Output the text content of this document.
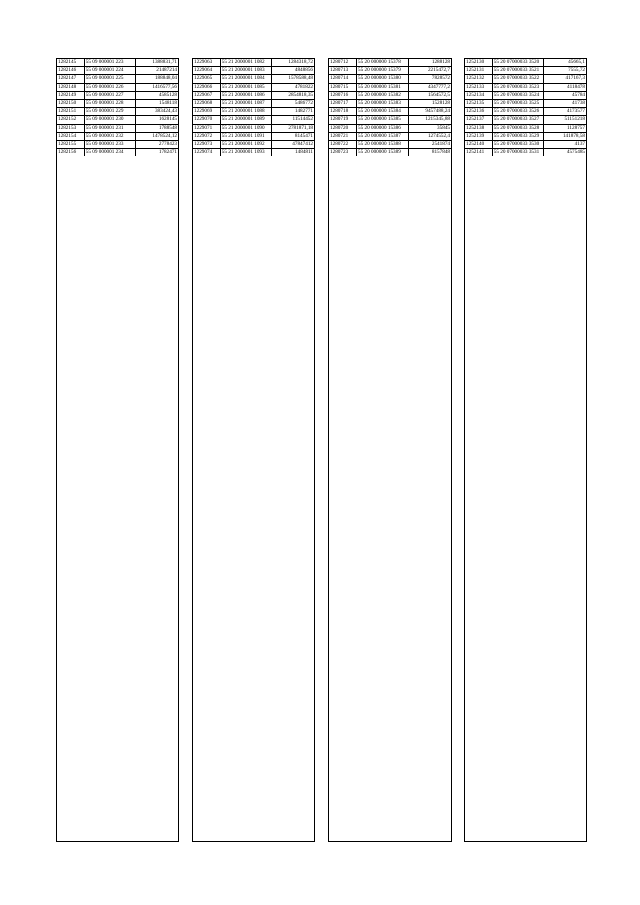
1282145	55 09 000001 223	1388831,71
1282146	55 09 000001 224	21487214
1282147	55 09 000001 225	188848,04
1282148	55 09 000001 226	1416577,56
1282149	55 09 000001 227	4585128
1282150	55 09 000001 228	1548118
1282151	55 09 000001 229	383424,43
1282152	55 09 000001 230	1628145
1282153	55 09 000001 231	1788548
1282154	55 09 000001 232	1478524,12
1282155	55 09 000001 233	2778423
1282156	55 09 000001 234	1782471
1229063	55 21 2000001 1082	1284318,72
1229064	55 21 2000001 1083	4848856
1229065	55 21 2000001 1084	1578588,48
1229066	55 21 2000001 1085	4781822
1229067	55 21 2000001 1086	2854818,35
1229068	55 21 2000001 1087	5486772
1229069	55 21 2000001 1088	1482771
1229070	55 21 2000001 1089	11514452
1229071	55 21 2000001 1090	2781871,18
1229072	55 21 2000001 1091	8145471
1229073	55 21 2000001 1092	47847412
1229074	55 21 2000001 1093	1484811
1280712	55 20 000000 15378	1288128
1280713	55 20 000000 15379	2215472,7
1280714	55 20 000000 15380	7828572
1280715	55 20 000000 15381	4347777,2
1280716	55 20 000000 15382	1564572,5
1280717	55 20 000000 15383	1528128
1280718	55 20 000000 15384	9457488,24
1280719	55 20 000000 15385	1215345,88
1280720	55 20 000000 15386	35845
1280721	55 20 000000 15387	1274552,4
1280722	55 20 000000 15388	2541874
1280723	55 20 000000 15389	8157848
1252130	55 20 07000033 3520	45665,1
1252131	55 20 07000033 3521	7555,72
1252132	55 20 07000033 3522	417167,3
1252133	55 20 07000033 3523	4118478
1252134	55 20 07000033 3524	45784
1252135	55 20 07000033 3525	41738
1252136	55 20 07000033 3526	4173577
1252137	55 20 07000033 3527	51151218
1252138	55 20 07000033 3528	1128757
1252139	55 20 07000033 3529	141878,58
1252140	55 20 07000033 3530	4137
1252141	55 20 07000033 3531	4575485
